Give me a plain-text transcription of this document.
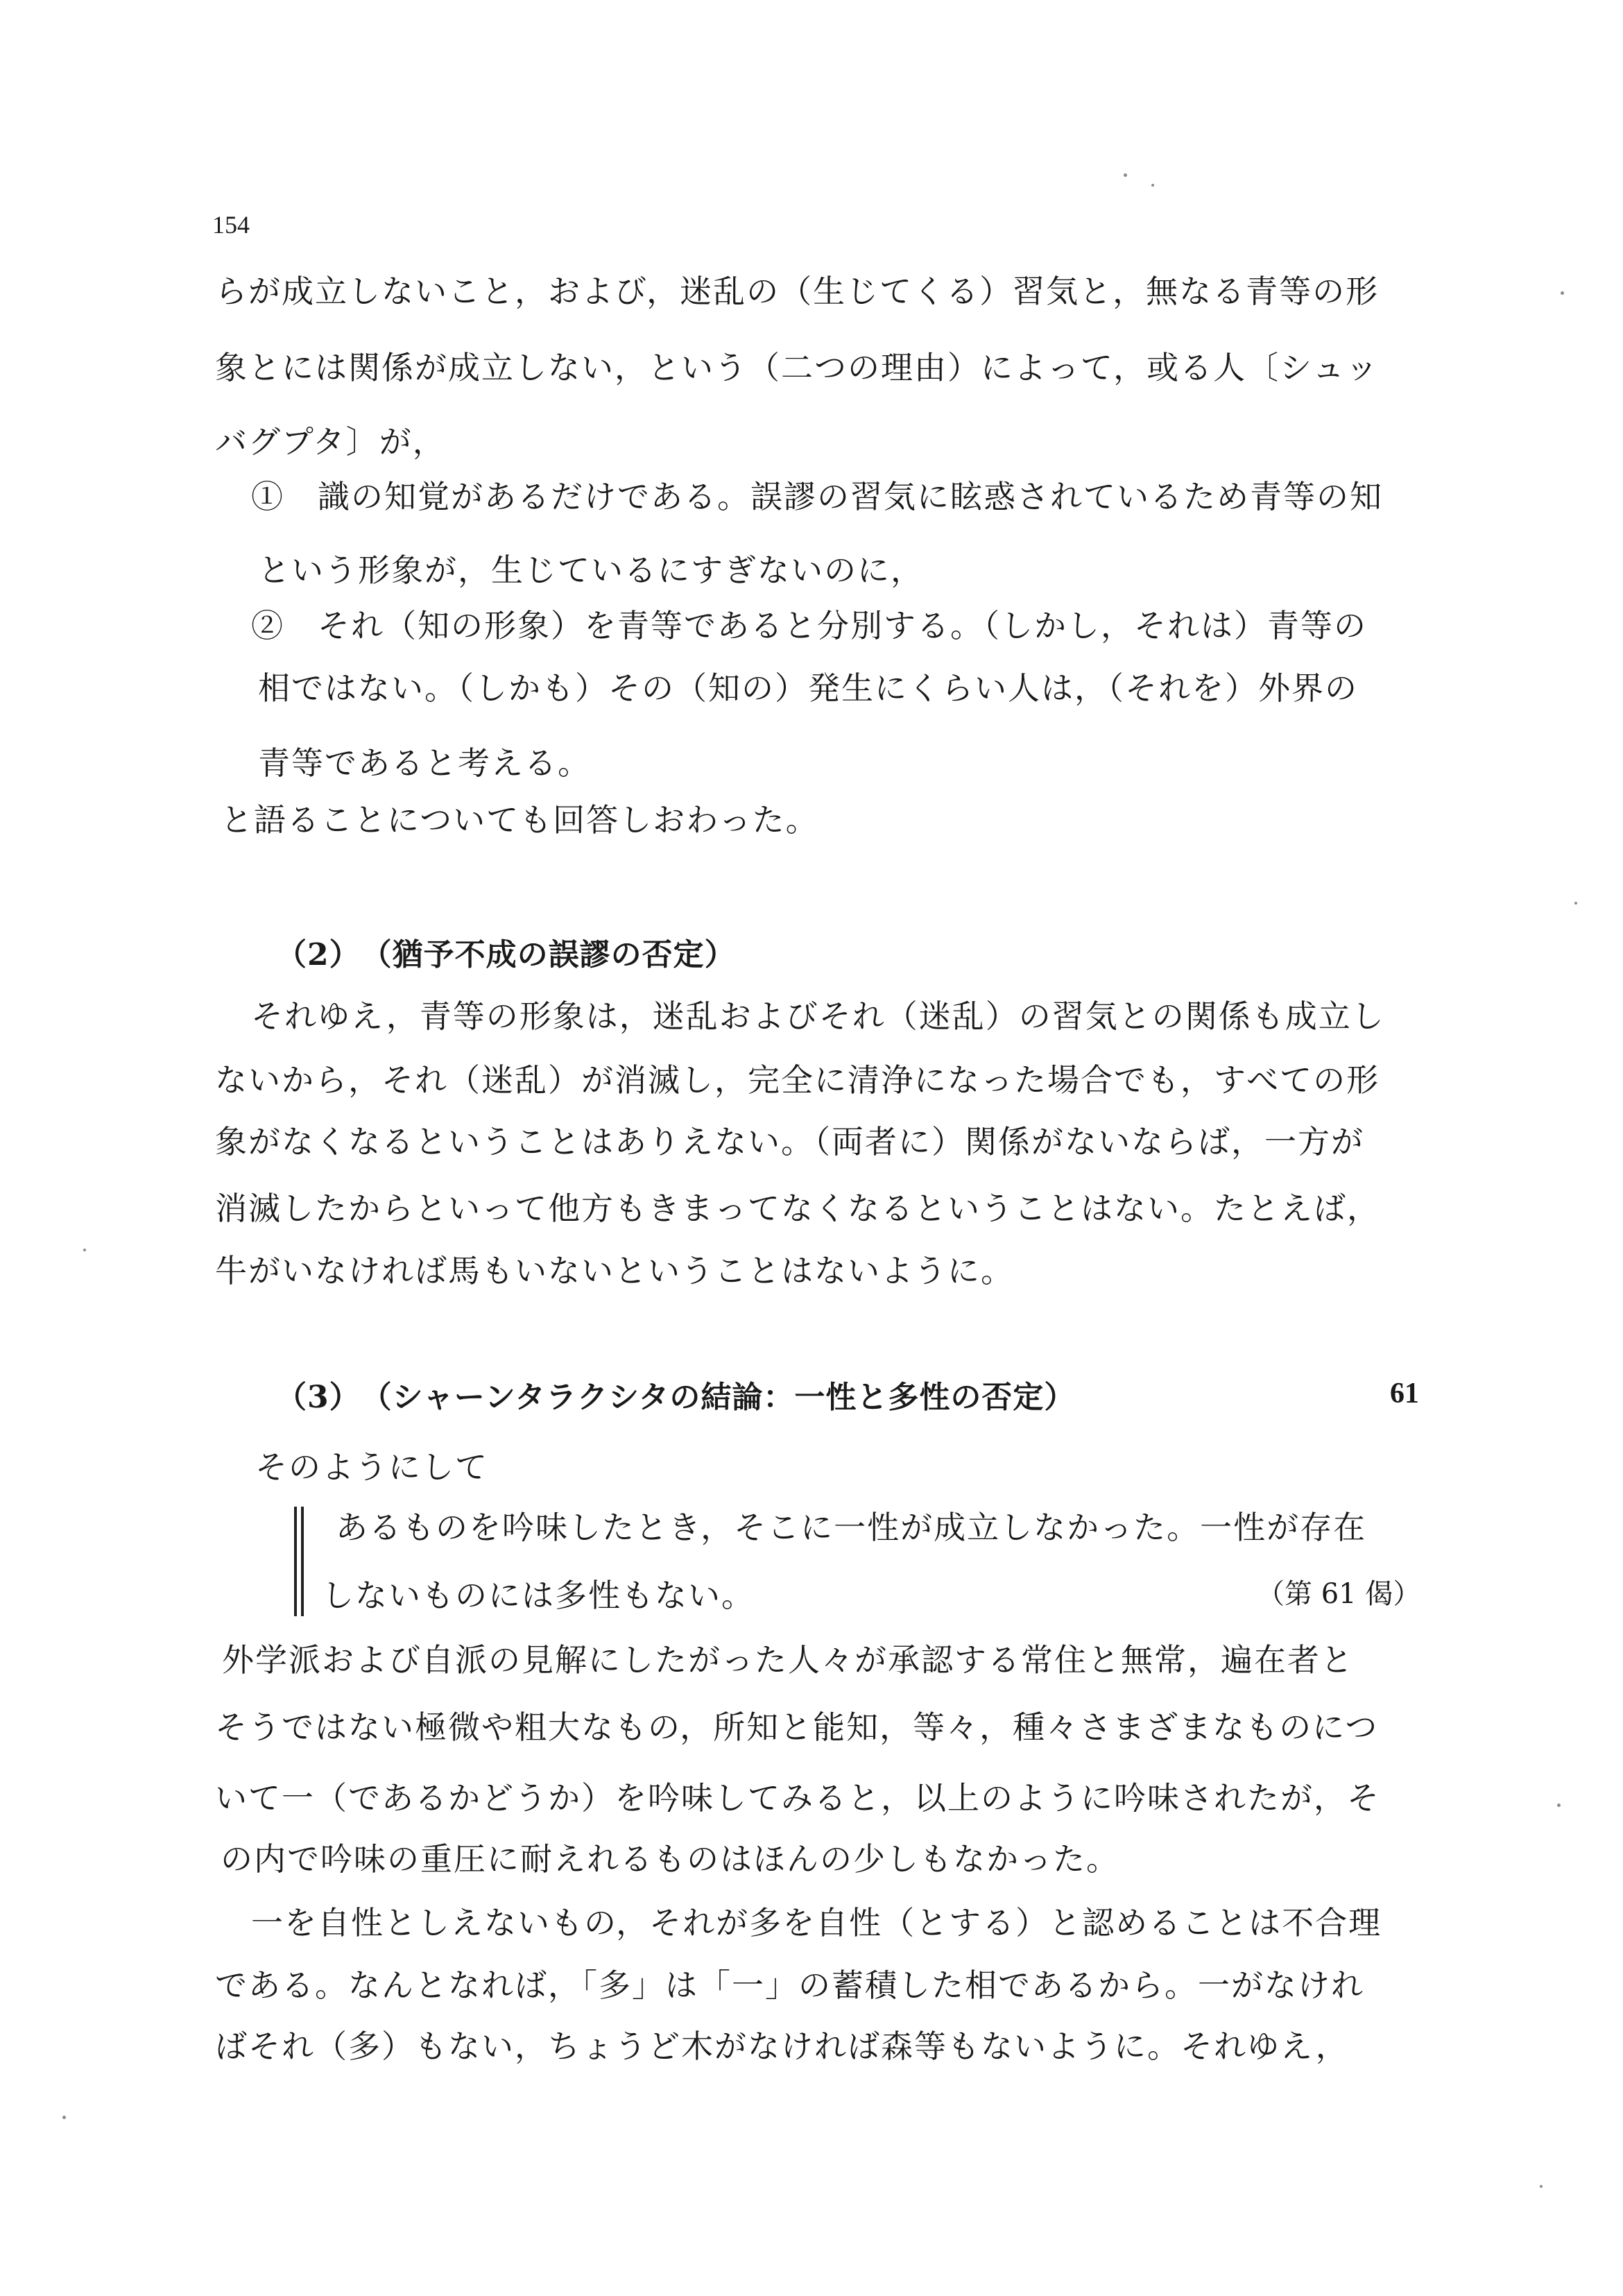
154
らが成立しないこと，および，迷乱の（生じてくる）習気と，無なる青等の形
象とには関係が成立しない，という（二つの理由）によって，或る人〔シュッ
バグプタ〕が，
①　識の知覚があるだけである。誤謬の習気に眩惑されているため青等の知
という形象が，生じているにすぎないのに，
②　それ（知の形象）を青等であると分別する。（しかし，それは）青等の
相ではない。（しかも）その（知の）発生にくらい人は，（それを）外界の
青等であると考える。
と語ることについても回答しおわった。
（2）　（猶予不成の誤謬の否定）
それゆえ，青等の形象は，迷乱およびそれ（迷乱）の習気との関係も成立し
ないから，それ（迷乱）が消滅し，完全に清浄になった場合でも，すべての形
象がなくなるということはありえない。（両者に）関係がないならば，一方が
消滅したからといって他方もきまってなくなるということはない。たとえば，
牛がいなければ馬もいないということはないように。
（3）　（シャーンタラクシタの結論：一性と多性の否定）	61
そのようにして
あるものを吟味したとき，そこに一性が成立しなかった。一性が存在
しないものには多性もない。	（第 61 偈）
外学派および自派の見解にしたがった人々が承認する常住と無常，遍在者と
そうではない極微や粗大なもの，所知と能知，等々，種々さまざまなものにつ
いて一（であるかどうか）を吟味してみると，以上のように吟味されたが，そ
の内で吟味の重圧に耐えれるものはほんの少しもなかった。
一を自性としえないもの，それが多を自性（とする）と認めることは不合理
である。なんとなれば，「多」は「一」の蓄積した相であるから。一がなけれ
ばそれ（多）もない，ちょうど木がなければ森等もないように。それゆえ，
